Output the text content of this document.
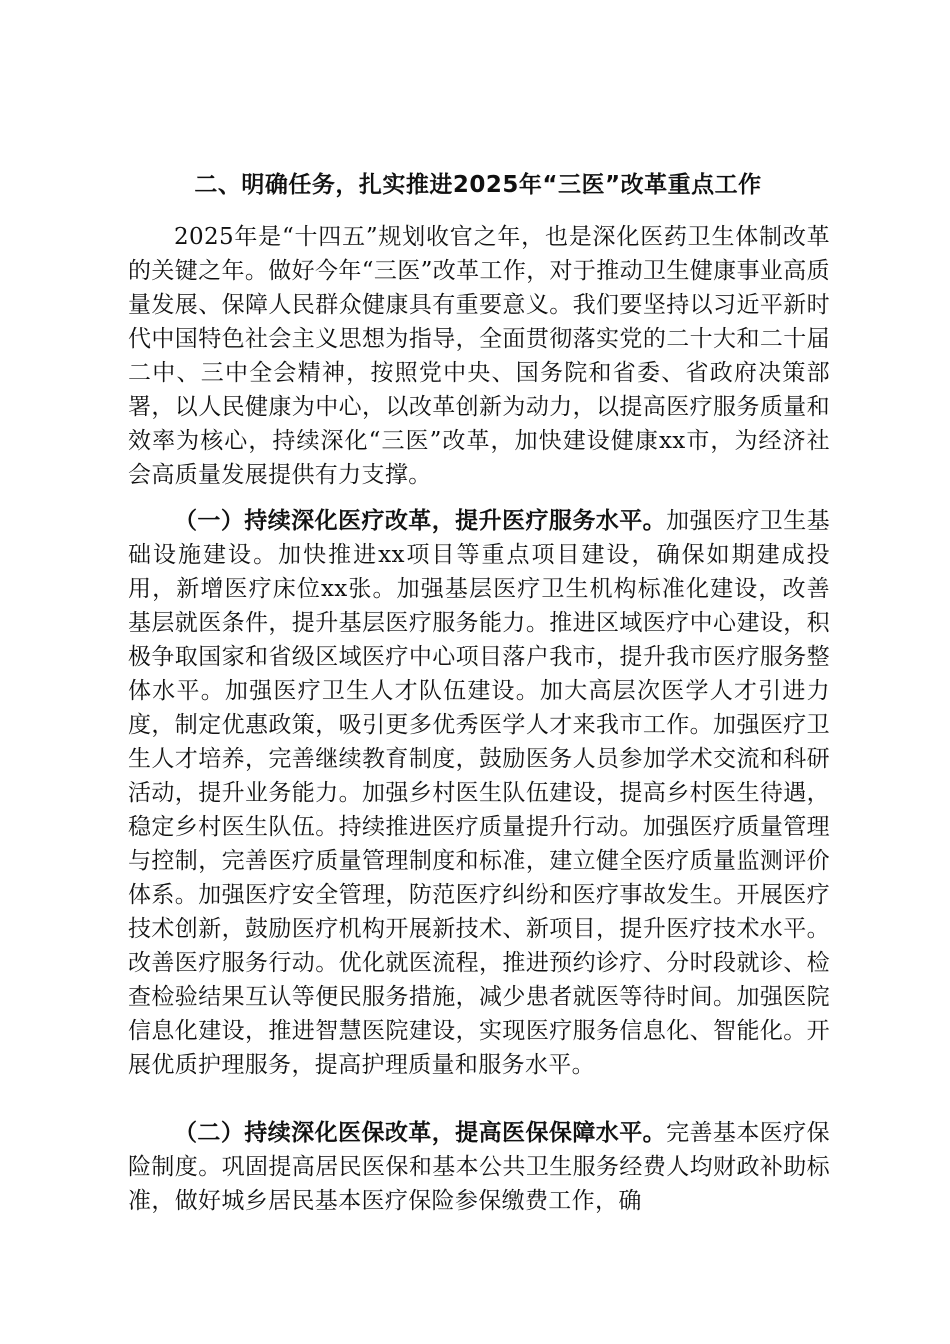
二、明确任务，扎实推进2025年“三医”改革重点工作

2025年是“十四五”规划收官之年，也是深化医药卫生体制改革的关键之年。做好今年“三医”改革工作，对于推动卫生健康事业高质量发展、保障人民群众健康具有重要意义。我们要坚持以习近平新时代中国特色社会主义思想为指导，全面贯彻落实党的二十大和二十届二中、三中全会精神，按照党中央、国务院和省委、省政府决策部署，以人民健康为中心，以改革创新为动力，以提高医疗服务质量和效率为核心，持续深化“三医”改革，加快建设健康xx市，为经济社会高质量发展提供有力支撑。

（一）持续深化医疗改革，提升医疗服务水平。加强医疗卫生基础设施建设。加快推进xx项目等重点项目建设，确保如期建成投用，新增医疗床位xx张。加强基层医疗卫生机构标准化建设，改善基层就医条件，提升基层医疗服务能力。推进区域医疗中心建设，积极争取国家和省级区域医疗中心项目落户我市，提升我市医疗服务整体水平。加强医疗卫生人才队伍建设。加大高层次医学人才引进力度，制定优惠政策，吸引更多优秀医学人才来我市工作。加强医疗卫生人才培养，完善继续教育制度，鼓励医务人员参加学术交流和科研活动，提升业务能力。加强乡村医生队伍建设，提高乡村医生待遇，稳定乡村医生队伍。持续推进医疗质量提升行动。加强医疗质量管理与控制，完善医疗质量管理制度和标准，建立健全医疗质量监测评价体系。加强医疗安全管理，防范医疗纠纷和医疗事故发生。开展医疗技术创新，鼓励医疗机构开展新技术、新项目，提升医疗技术水平。改善医疗服务行动。优化就医流程，推进预约诊疗、分时段就诊、检查检验结果互认等便民服务措施，减少患者就医等待时间。加强医院信息化建设，推进智慧医院建设，实现医疗服务信息化、智能化。开展优质护理服务，提高护理质量和服务水平。

（二）持续深化医保改革，提高医保保障水平。完善基本医疗保险制度。巩固提高居民医保和基本公共卫生服务经费人均财政补助标准，做好城乡居民基本医疗保险参保缴费工作，确
